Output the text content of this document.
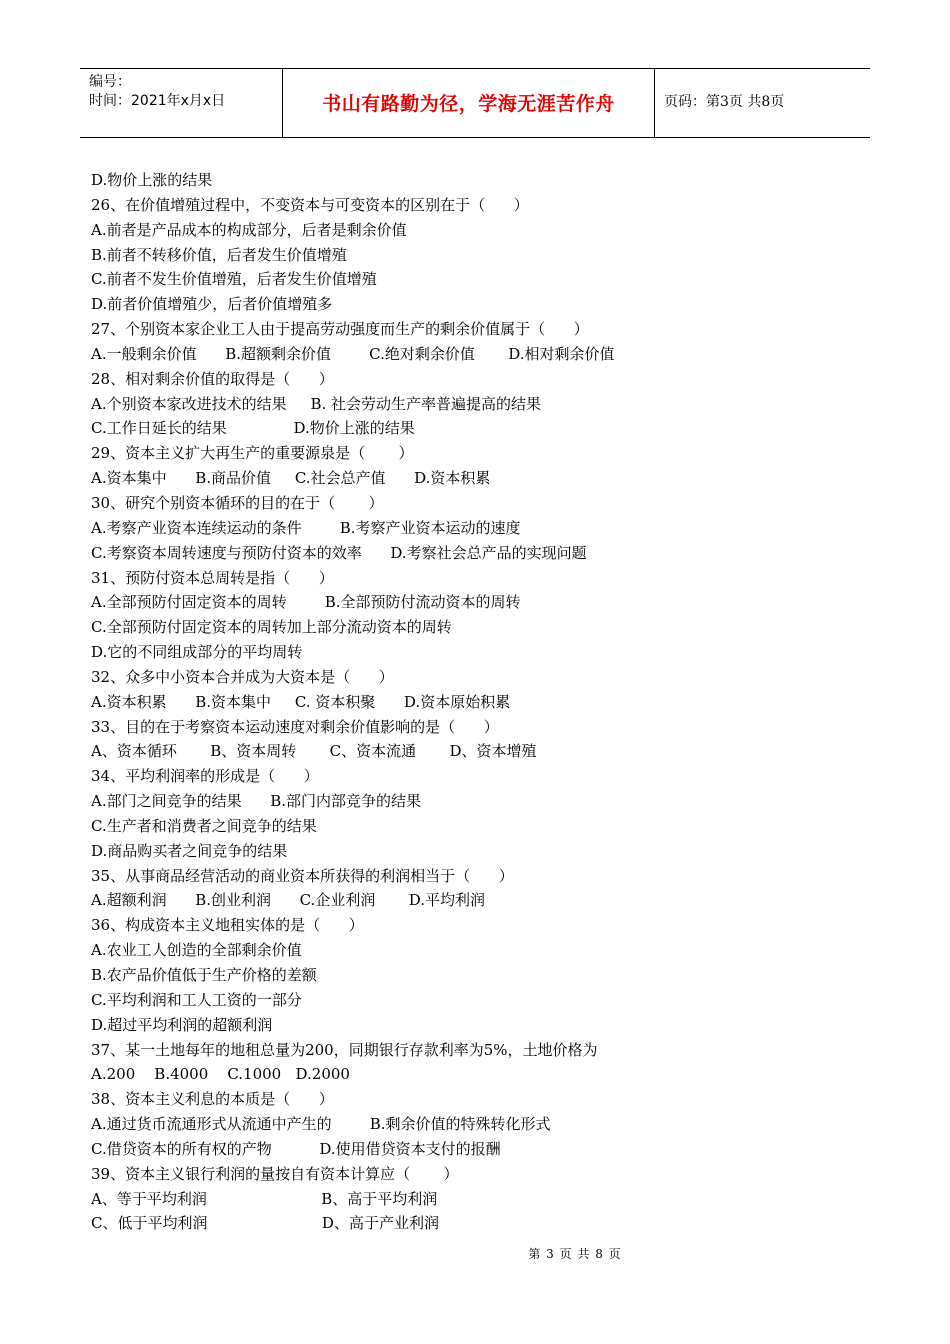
编号：
时间：2021年x月x日	书山有路勤为径，学海无涯苦作舟	页码：第3页 共8页
D.物价上涨的结果
26、在价值增殖过程中，不变资本与可变资本的区别在于（      ）
A.前者是产品成本的构成部分，后者是剩余价值
B.前者不转移价值，后者发生价值增殖
C.前者不发生价值增殖，后者发生价值增殖
D.前者价值增殖少，后者价值增殖多
27、个别资本家企业工人由于提高劳动强度而生产的剩余价值属于（      ）
A.一般剩余价值      B.超额剩余价值        C.绝对剩余价值       D.相对剩余价值
28、相对剩余价值的取得是（      ）
A.个别资本家改进技术的结果     B. 社会劳动生产率普遍提高的结果
C.工作日延长的结果              D.物价上涨的结果
29、资本主义扩大再生产的重要源泉是（       ）
A.资本集中      B.商品价值     C.社会总产值      D.资本积累
30、研究个别资本循环的目的在于（       ）
A.考察产业资本连续运动的条件        B.考察产业资本运动的速度
C.考察资本周转速度与预防付资本的效率      D.考察社会总产品的实现问题
31、预防付资本总周转是指（      ）
A.全部预防付固定资本的周转        B.全部预防付流动资本的周转
C.全部预防付固定资本的周转加上部分流动资本的周转
D.它的不同组成部分的平均周转
32、众多中小资本合并成为大资本是（      ）
A.资本积累      B.资本集中     C. 资本积聚      D.资本原始积累
33、目的在于考察资本运动速度对剩余价值影响的是（      ）
A、资本循环       B、资本周转       C、资本流通       D、资本增殖
34、平均利润率的形成是（      ）
A.部门之间竞争的结果      B.部门内部竞争的结果
C.生产者和消费者之间竞争的结果
D.商品购买者之间竞争的结果
35、从事商品经营活动的商业资本所获得的利润相当于（      ）
A.超额利润      B.创业利润      C.企业利润       D.平均利润
36、构成资本主义地租实体的是（      ）
A.农业工人创造的全部剩余价值
B.农产品价值低于生产价格的差额
C.平均利润和工人工资的一部分
D.超过平均利润的超额利润
37、某一土地每年的地租总量为200，同期银行存款利率为5%，土地价格为
A.200    B.4000    C.1000   D.2000
38、资本主义利息的本质是（      ）
A.通过货币流通形式从流通中产生的        B.剩余价值的特殊转化形式
C.借贷资本的所有权的产物          D.使用借贷资本支付的报酬
39、资本主义银行利润的量按自有资本计算应（       ）
A、等于平均利润                        B、高于平均利润
C、低于平均利润                        D、高于产业利润
第 3 页 共 8 页
